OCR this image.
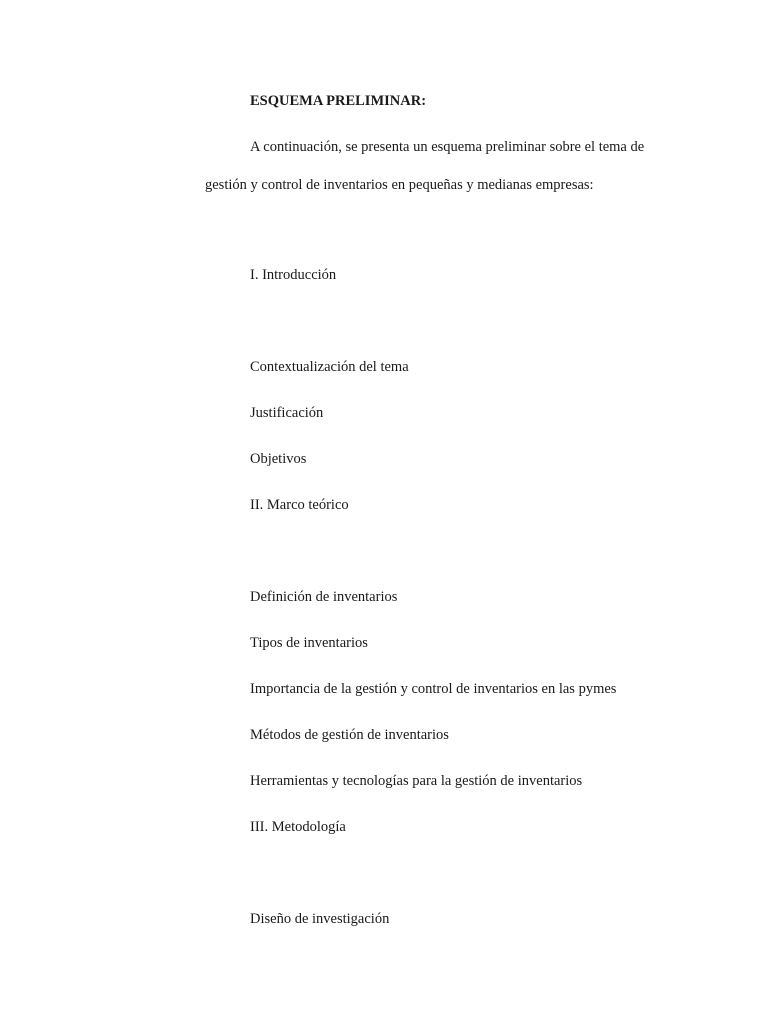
ESQUEMA PRELIMINAR:
A continuación, se presenta un esquema preliminar sobre el tema de
gestión y control de inventarios en pequeñas y medianas empresas:
I. Introducción
Contextualización del tema
Justificación
Objetivos
II. Marco teórico
Definición de inventarios
Tipos de inventarios
Importancia de la gestión y control de inventarios en las pymes
Métodos de gestión de inventarios
Herramientas y tecnologías para la gestión de inventarios
III. Metodología
Diseño de investigación
